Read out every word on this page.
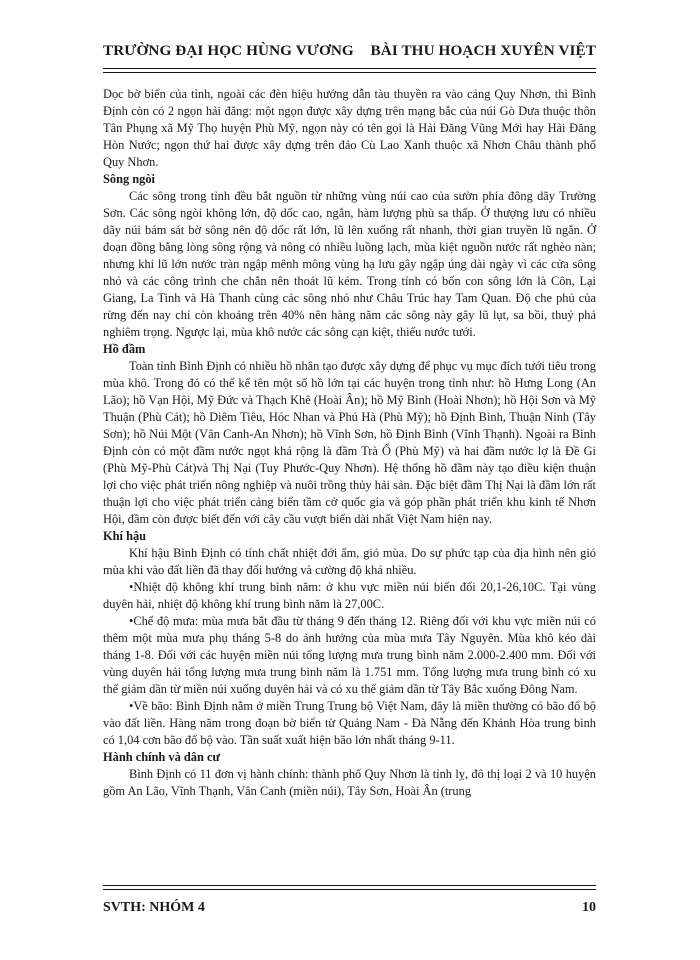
TRƯỜNG ĐẠI HỌC HÙNG VƯƠNG BÀI THU HOẠCH XUYÊN VIỆT

Dọc bờ biển của tỉnh, ngoài các đèn hiệu hướng dẫn tàu thuyền ra vào cảng Quy Nhơn, thì Bình Định còn có 2 ngọn hải đăng: một ngọn được xây dựng trên mạng bắc của núi Gò Dưa thuộc thôn Tân Phụng xã Mỹ Thọ huyện Phù Mỹ, ngọn này có tên gọi là Hải Đăng Vũng Mới hay Hải Đăng Hòn Nước; ngọn thứ hai được xây dựng trên đảo Cù Lao Xanh thuộc xã Nhơn Châu thành phố Quy Nhơn.

Sông ngòi

Các sông trong tỉnh đều bắt nguồn từ những vùng núi cao của sườn phía đông dãy Trường Sơn. Các sông ngòi không lớn, độ dốc cao, ngắn, hàm lượng phù sa thấp. Ở thượng lưu có nhiều dãy núi bám sát bờ sông nên độ dốc rất lớn, lũ lên xuống rất nhanh, thời gian truyền lũ ngắn. Ở đoạn đồng bằng lòng sông rộng và nông có nhiều luồng lạch, mùa kiệt nguồn nước rất nghèo nàn; nhưng khi lũ lớn nước tràn ngập mênh mông vùng hạ lưu gây ngập úng dài ngày vì các cửa sông nhỏ và các công trình che chắn nên thoát lũ kém. Trong tỉnh có bốn con sông lớn là Côn, Lại Giang, La Tinh và Hà Thanh cùng các sông nhỏ như Châu Trúc hay Tam Quan. Độ che phủ của rừng đến nay chỉ còn khoảng trên 40% nên hàng năm các sông này gây lũ lụt, sa bồi, thuỷ phá nghiêm trọng. Ngược lại, mùa khô nước các sông cạn kiệt, thiếu nước tưới.

Hồ đầm

Toàn tỉnh Bình Định có nhiều hồ nhân tạo được xây dựng để phục vụ mục đích tưới tiêu trong mùa khô. Trong đó có thể kể tên một số hồ lớn tại các huyện trong tỉnh như: hồ Hưng Long (An Lão); hồ Vạn Hội, Mỹ Đức và Thạch Khê (Hoài Ân); hồ Mỹ Bình (Hoài Nhơn); hồ Hội Sơn và Mỹ Thuận (Phù Cát); hồ Diêm Tiêu, Hóc Nhan và Phú Hà (Phù Mỹ); hồ Định Bình, Thuận Ninh (Tây Sơn); hồ Núi Một (Vân Canh-An Nhơn); hồ Vĩnh Sơn, hồ Định Bình (Vĩnh Thạnh). Ngoài ra Bình Định còn có một đầm nước ngọt khá rộng là đầm Trà Ổ (Phù Mỹ) và hai đầm nước lợ là Đề Gi (Phù Mỹ-Phù Cát)và Thị Nại (Tuy Phước-Quy Nhơn). Hệ thống hồ đầm này tạo điều kiện thuận lợi cho việc phát triển nông nghiệp và nuôi trồng thủy hải sản. Đặc biệt đầm Thị Nại là đầm lớn rất thuận lợi cho việc phát triển cảng biển tầm cở quốc gia và góp phần phát triển khu kinh tế Nhơn Hội, đầm còn được biết đến với cây cầu vượt biển dài nhất Việt Nam hiện nay.

Khí hậu

Khí hậu Bình Định có tính chất nhiệt đới ẩm, gió mùa. Do sự phức tạp của địa hình nên gió mùa khi vào đất liền đã thay đổi hướng và cường độ khá nhiều.

•Nhiệt độ không khí trung bình năm: ở khu vực miền núi biến đổi 20,1-26,10C. Tại vùng duyên hải, nhiệt độ không khí trung bình năm là 27,00C.

•Chế độ mưa: mùa mưa bắt đầu từ tháng 9 đến tháng 12. Riêng đối với khu vực miền núi có thêm một mùa mưa phụ tháng 5-8 do ảnh hưởng của mùa mưa Tây Nguyên. Mùa khô kéo dài tháng 1-8. Đối với các huyện miền núi tổng lượng mưa trung bình năm 2.000-2.400 mm. Đối với vùng duyên hải tổng lượng mưa trung bình năm là 1.751 mm. Tổng lượng mưa trung bình có xu thế giảm dần từ miền núi xuống duyên hải và có xu thế giảm dần từ Tây Bắc xuống Đông Nam.

•Về bão: Bình Định nằm ở miền Trung Trung bộ Việt Nam, đây là miền thường có bão đổ bộ vào đất liền. Hàng năm trong đoạn bờ biển từ Quảng Nam - Đà Nẵng đến Khánh Hòa trung bình có 1,04 cơn bão đổ bộ vào. Tần suất xuất hiện bão lớn nhất tháng 9-11.

Hành chính và dân cư

Bình Định có 11 đơn vị hành chính: thành phố Quy Nhơn là tỉnh lỵ, đô thị loại 2 và 10 huyện gồm An Lão, Vĩnh Thạnh, Vân Canh (miền núi), Tây Sơn, Hoài Ân (trung

SVTH: NHÓM 4	10
